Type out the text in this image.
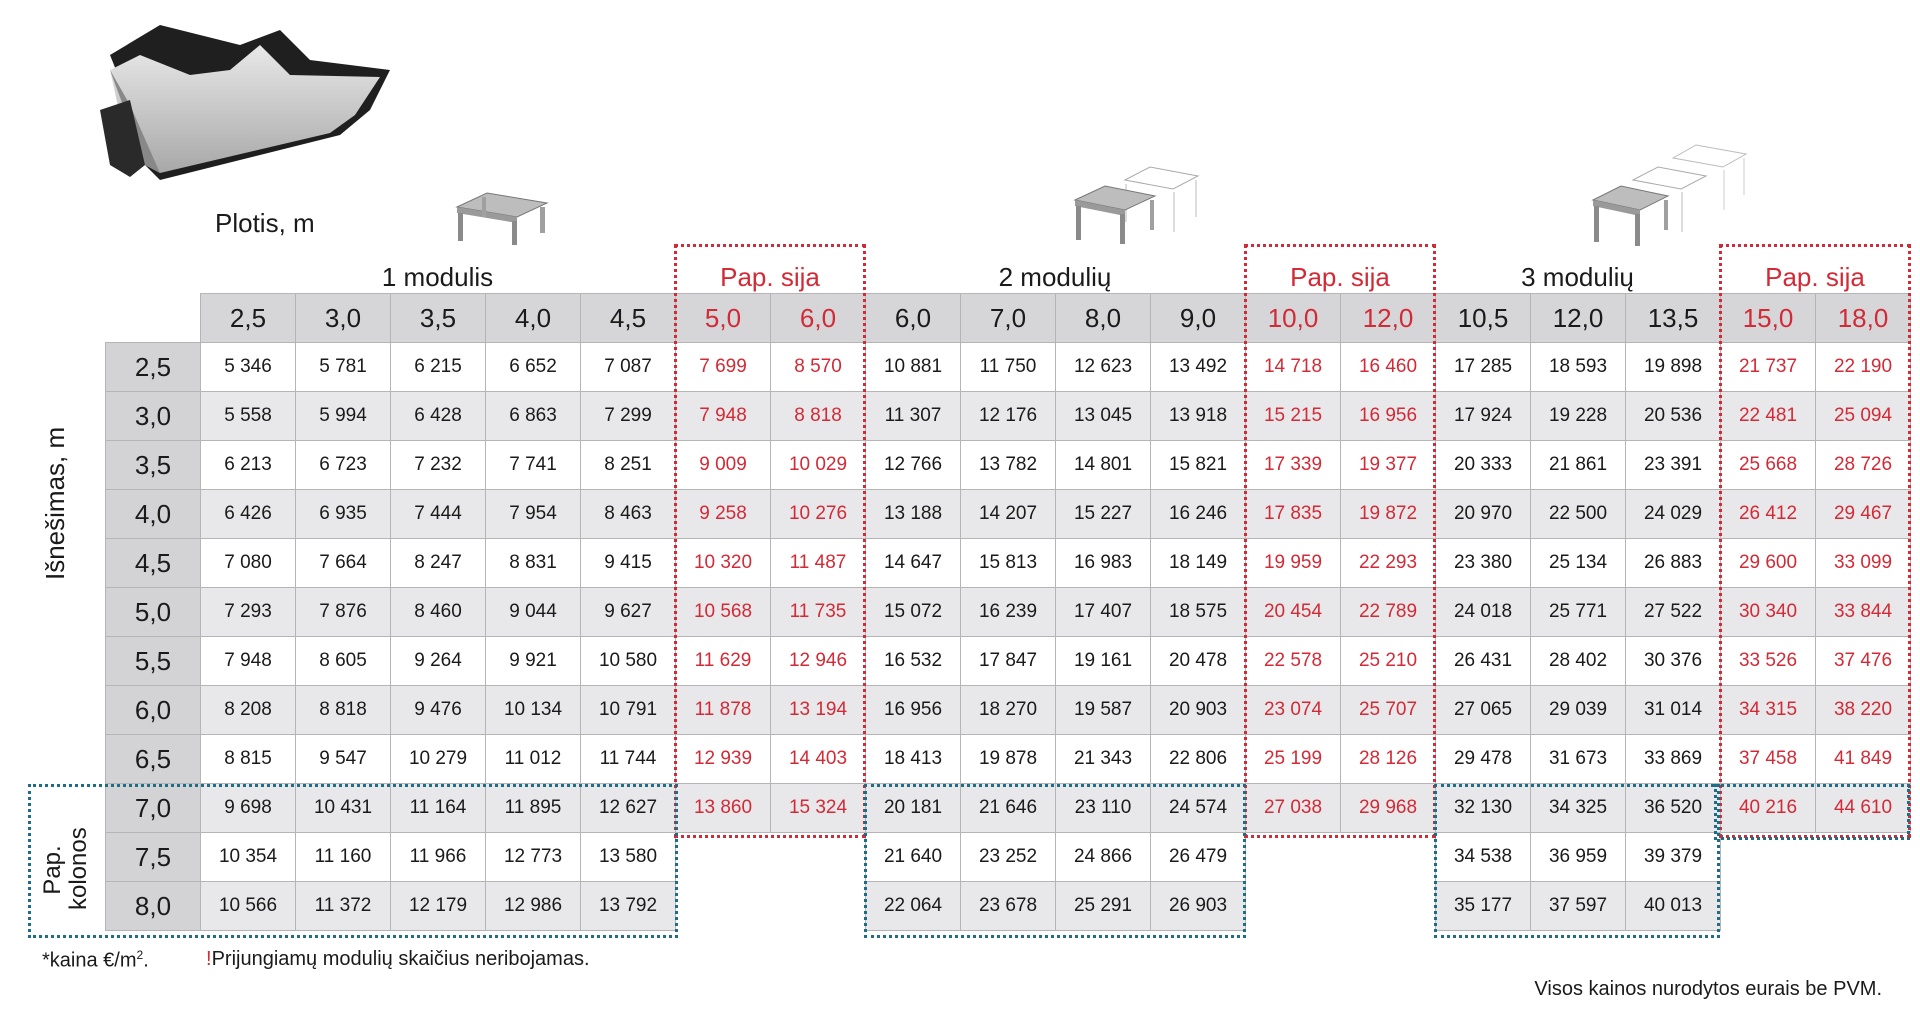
Plotis, m
1 modulis	Pap. sija	2 modulių	Pap. sija	3 modulių	Pap. sija
	2,5	3,0	3,5	4,0	4,5	5,0	6,0	6,0	7,0	8,0	9,0	10,0	12,0	10,5	12,0	13,5	15,0	18,0
2,5	5 346	5 781	6 215	6 652	7 087	7 699	8 570	10 881	11 750	12 623	13 492	14 718	16 460	17 285	18 593	19 898	21 737	22 190
3,0	5 558	5 994	6 428	6 863	7 299	7 948	8 818	11 307	12 176	13 045	13 918	15 215	16 956	17 924	19 228	20 536	22 481	25 094
3,5	6 213	6 723	7 232	7 741	8 251	9 009	10 029	12 766	13 782	14 801	15 821	17 339	19 377	20 333	21 861	23 391	25 668	28 726
4,0	6 426	6 935	7 444	7 954	8 463	9 258	10 276	13 188	14 207	15 227	16 246	17 835	19 872	20 970	22 500	24 029	26 412	29 467
4,5	7 080	7 664	8 247	8 831	9 415	10 320	11 487	14 647	15 813	16 983	18 149	19 959	22 293	23 380	25 134	26 883	29 600	33 099
5,0	7 293	7 876	8 460	9 044	9 627	10 568	11 735	15 072	16 239	17 407	18 575	20 454	22 789	24 018	25 771	27 522	30 340	33 844
5,5	7 948	8 605	9 264	9 921	10 580	11 629	12 946	16 532	17 847	19 161	20 478	22 578	25 210	26 431	28 402	30 376	33 526	37 476
6,0	8 208	8 818	9 476	10 134	10 791	11 878	13 194	16 956	18 270	19 587	20 903	23 074	25 707	27 065	29 039	31 014	34 315	38 220
6,5	8 815	9 547	10 279	11 012	11 744	12 939	14 403	18 413	19 878	21 343	22 806	25 199	28 126	29 478	31 673	33 869	37 458	41 849
7,0	9 698	10 431	11 164	11 895	12 627	13 860	15 324	20 181	21 646	23 110	24 574	27 038	29 968	32 130	34 325	36 520	40 216	44 610
7,5	10 354	11 160	11 966	12 773	13 580			21 640	23 252	24 866	26 479			34 538	36 959	39 379		
8,0	10 566	11 372	12 179	12 986	13 792			22 064	23 678	25 291	26 903			35 177	37 597	40 013		
Išnešimas, m
Pap. kolonos
*kaina $€/m^2$.	!Prijungiamų modulių skaičius neribojamas.
Visos kainos nurodytos eurais be PVM.
